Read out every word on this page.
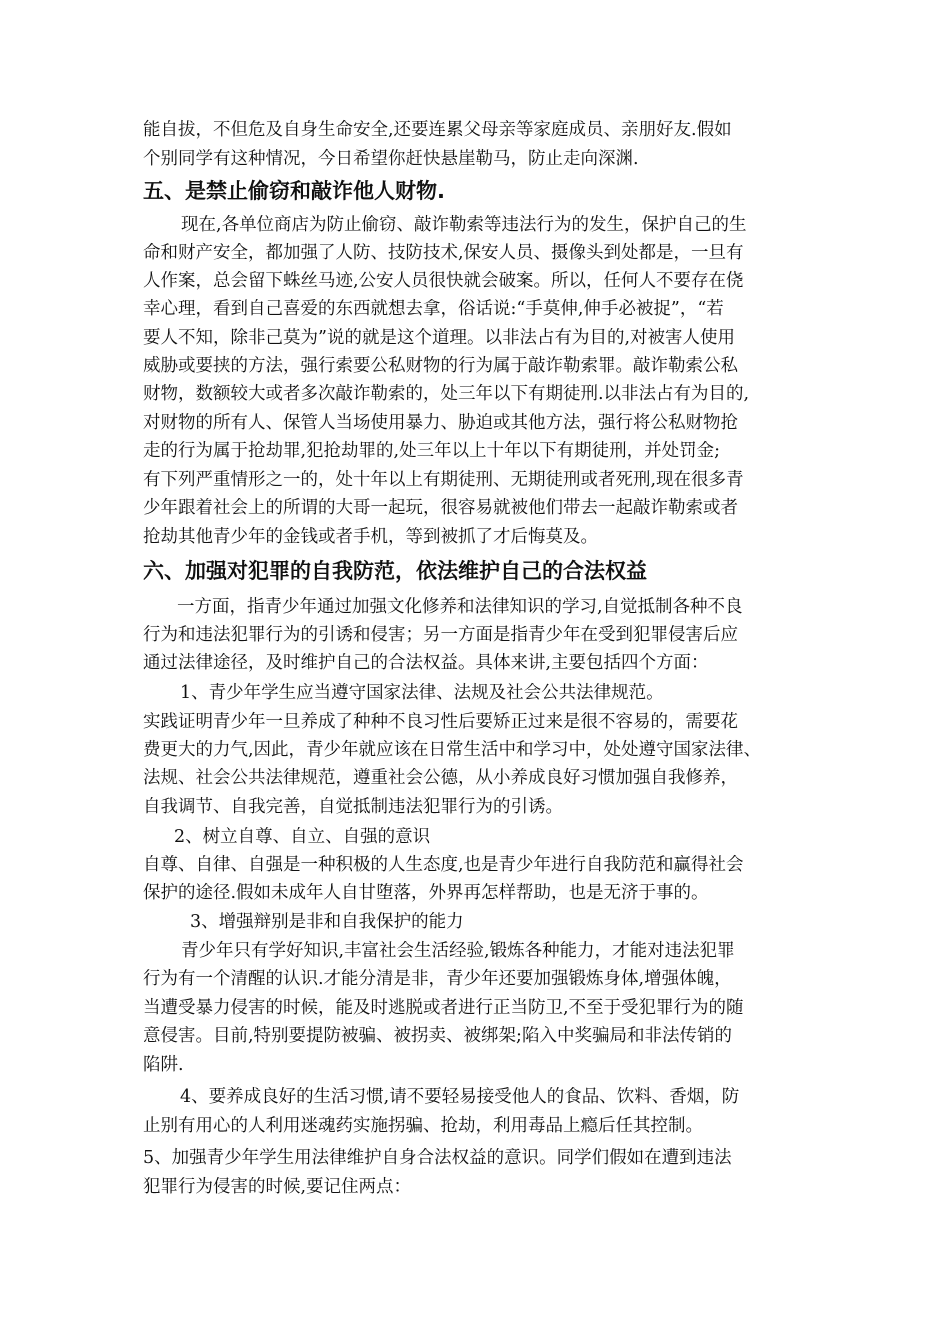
能自拔，不但危及自身生命安全,还要连累父母亲等家庭成员、亲朋好友.假如

个别同学有这种情况，今日希望你赶快悬崖勒马，防止走向深渊.

五、是禁止偷窃和敲诈他人财物.

现在,各单位商店为防止偷窃、敲诈勒索等违法行为的发生，保护自己的生

命和财产安全，都加强了人防、技防技术,保安人员、摄像头到处都是，一旦有

人作案，总会留下蛛丝马迹,公安人员很快就会破案。所以，任何人不要存在侥

幸心理，看到自己喜爱的东西就想去拿，俗话说:“手莫伸,伸手必被捉”，“若

要人不知，除非己莫为”说的就是这个道理。以非法占有为目的,对被害人使用

威胁或要挟的方法，强行索要公私财物的行为属于敲诈勒索罪。敲诈勒索公私

财物，数额较大或者多次敲诈勒索的，处三年以下有期徒刑.以非法占有为目的,

对财物的所有人、保管人当场使用暴力、胁迫或其他方法，强行将公私财物抢

走的行为属于抢劫罪,犯抢劫罪的,处三年以上十年以下有期徒刑，并处罚金;

有下列严重情形之一的，处十年以上有期徒刑、无期徒刑或者死刑,现在很多青

少年跟着社会上的所谓的大哥一起玩，很容易就被他们带去一起敲诈勒索或者

抢劫其他青少年的金钱或者手机，等到被抓了才后悔莫及。

六、加强对犯罪的自我防范，依法维护自己的合法权益

一方面，指青少年通过加强文化修养和法律知识的学习,自觉抵制各种不良

行为和违法犯罪行为的引诱和侵害；另一方面是指青少年在受到犯罪侵害后应

通过法律途径，及时维护自己的合法权益。具体来讲,主要包括四个方面：

1、青少年学生应当遵守国家法律、法规及社会公共法律规范。

实践证明青少年一旦养成了种种不良习性后要矫正过来是很不容易的，需要花

费更大的力气,因此，青少年就应该在日常生活中和学习中，处处遵守国家法律、

法规、社会公共法律规范，遵重社会公德，从小养成良好习惯加强自我修养，

自我调节、自我完善，自觉抵制违法犯罪行为的引诱。

2、树立自尊、自立、自强的意识

自尊、自律、自强是一种积极的人生态度,也是青少年进行自我防范和赢得社会

保护的途径.假如未成年人自甘堕落，外界再怎样帮助，也是无济于事的。

3、增强辩别是非和自我保护的能力

青少年只有学好知识,丰富社会生活经验,锻炼各种能力，才能对违法犯罪

行为有一个清醒的认识.才能分清是非，青少年还要加强锻炼身体,增强体魄，

当遭受暴力侵害的时候，能及时逃脱或者进行正当防卫,不至于受犯罪行为的随

意侵害。目前,特别要提防被骗、被拐卖、被绑架;陷入中奖骗局和非法传销的

陷阱.

4、要养成良好的生活习惯,请不要轻易接受他人的食品、饮料、香烟，防

止别有用心的人利用迷魂药实施拐骗、抢劫，利用毒品上瘾后任其控制。

5、加强青少年学生用法律维护自身合法权益的意识。同学们假如在遭到违法

犯罪行为侵害的时候,要记住两点：
